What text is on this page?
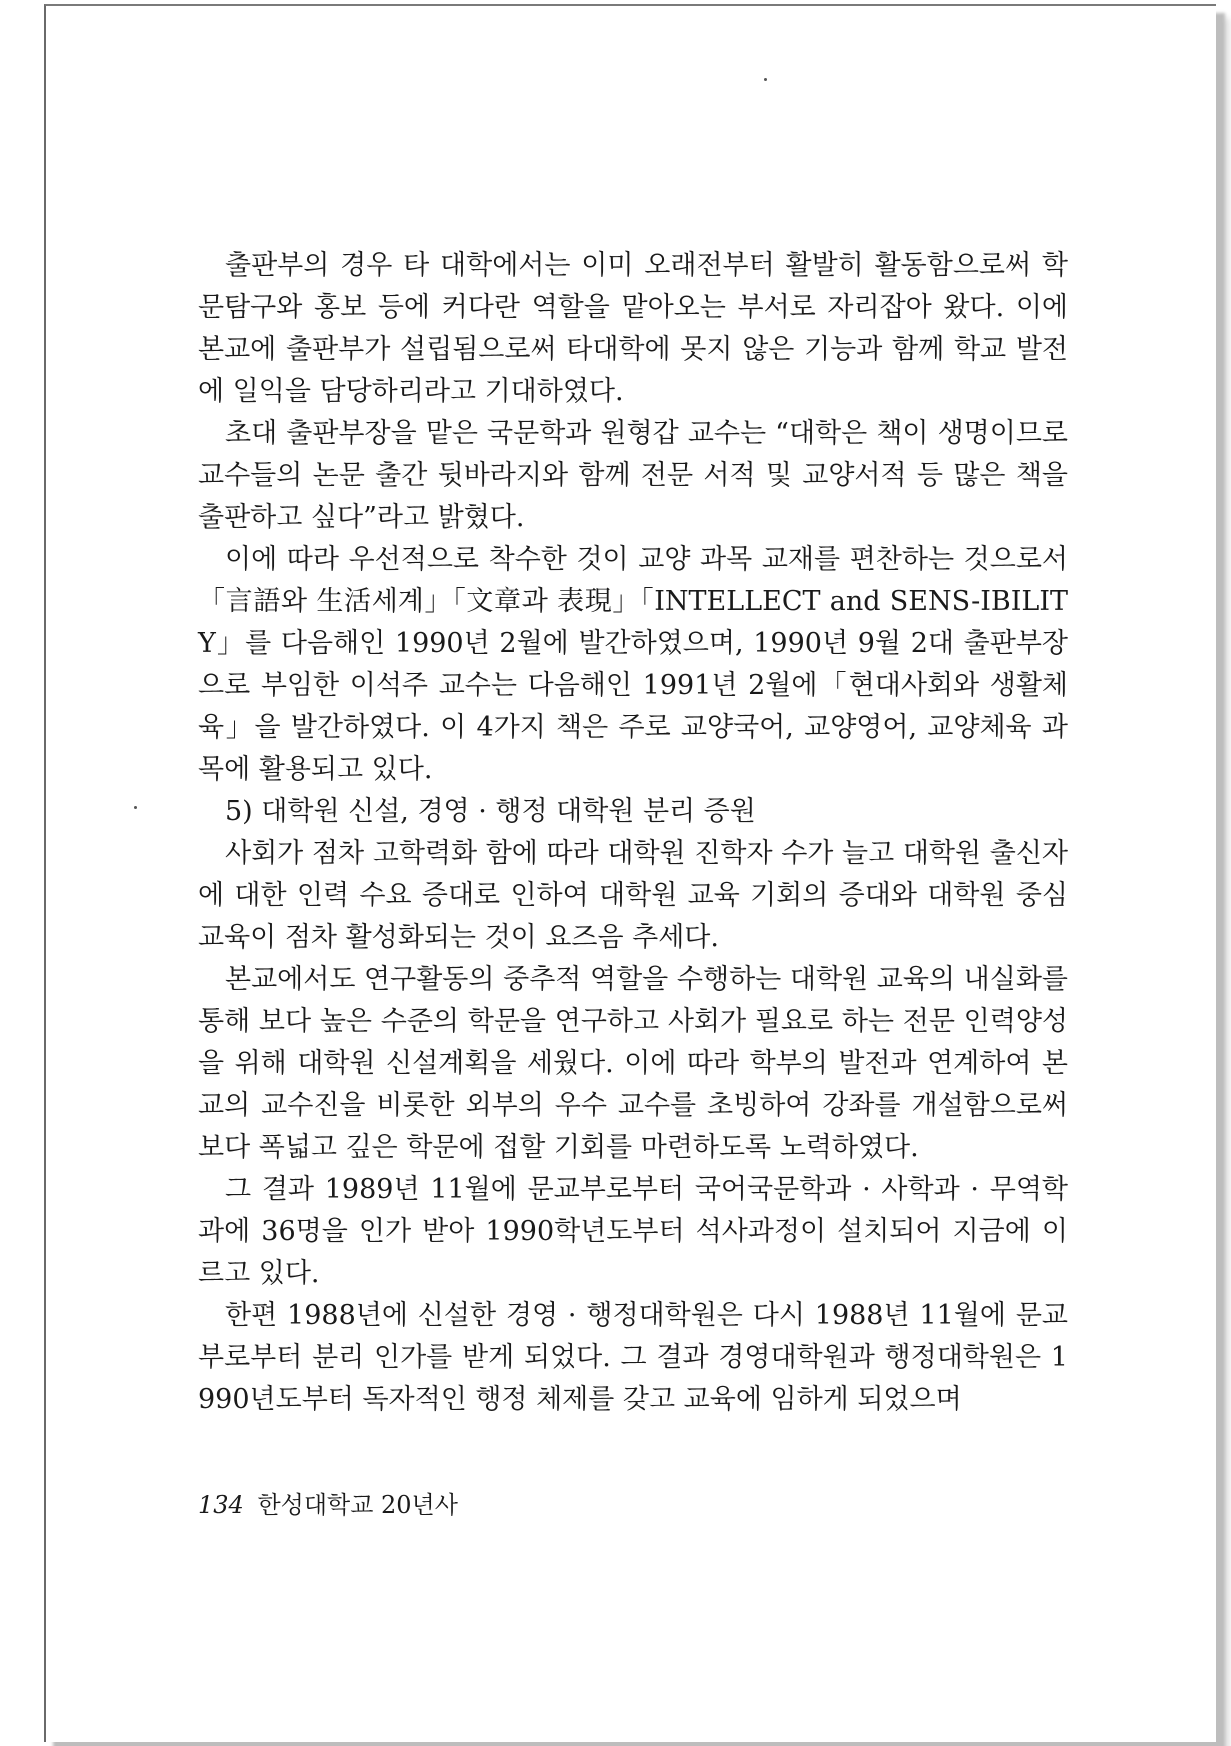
출판부의 경우 타 대학에서는 이미 오래전부터 활발히 활동함으로써 학문탐구와 홍보 등에 커다란 역할을 맡아오는 부서로 자리잡아 왔다. 이에 본교에 출판부가 설립됨으로써 타대학에 못지 않은 기능과 함께 학교 발전에 일익을 담당하리라고 기대하였다.

초대 출판부장을 맡은 국문학과 원형갑 교수는 “대학은 책이 생명이므로 교수들의 논문 출간 뒷바라지와 함께 전문 서적 및 교양서적 등 많은 책을 출판하고 싶다”라고 밝혔다.

이에 따라 우선적으로 착수한 것이 교양 과목 교재를 편찬하는 것으로서「言語와 生活세계」「文章과 表現」「INTELLECT and SENS-IBILITY」를 다음해인 1990년 2월에 발간하였으며, 1990년 9월 2대 출판부장으로 부임한 이석주 교수는 다음해인 1991년 2월에「현대사회와 생활체육」을 발간하였다. 이 4가지 책은 주로 교양국어, 교양영어, 교양체육 과목에 활용되고 있다.

5) 대학원 신설, 경영 · 행정 대학원 분리 증원

사회가 점차 고학력화 함에 따라 대학원 진학자 수가 늘고 대학원 출신자에 대한 인력 수요 증대로 인하여 대학원 교육 기회의 증대와 대학원 중심교육이 점차 활성화되는 것이 요즈음 추세다.

본교에서도 연구활동의 중추적 역할을 수행하는 대학원 교육의 내실화를 통해 보다 높은 수준의 학문을 연구하고 사회가 필요로 하는 전문 인력양성을 위해 대학원 신설계획을 세웠다. 이에 따라 학부의 발전과 연계하여 본교의 교수진을 비롯한 외부의 우수 교수를 초빙하여 강좌를 개설함으로써 보다 폭넓고 깊은 학문에 접할 기회를 마련하도록 노력하였다.

그 결과 1989년 11월에 문교부로부터 국어국문학과 · 사학과 · 무역학과에 36명을 인가 받아 1990학년도부터 석사과정이 설치되어 지금에 이르고 있다.

한편 1988년에 신설한 경영 · 행정대학원은 다시 1988년 11월에 문교부로부터 분리 인가를 받게 되었다. 그 결과 경영대학원과 행정대학원은 1990년도부터 독자적인 행정 체제를 갖고 교육에 임하게 되었으며

134 한성대학교 20년사
